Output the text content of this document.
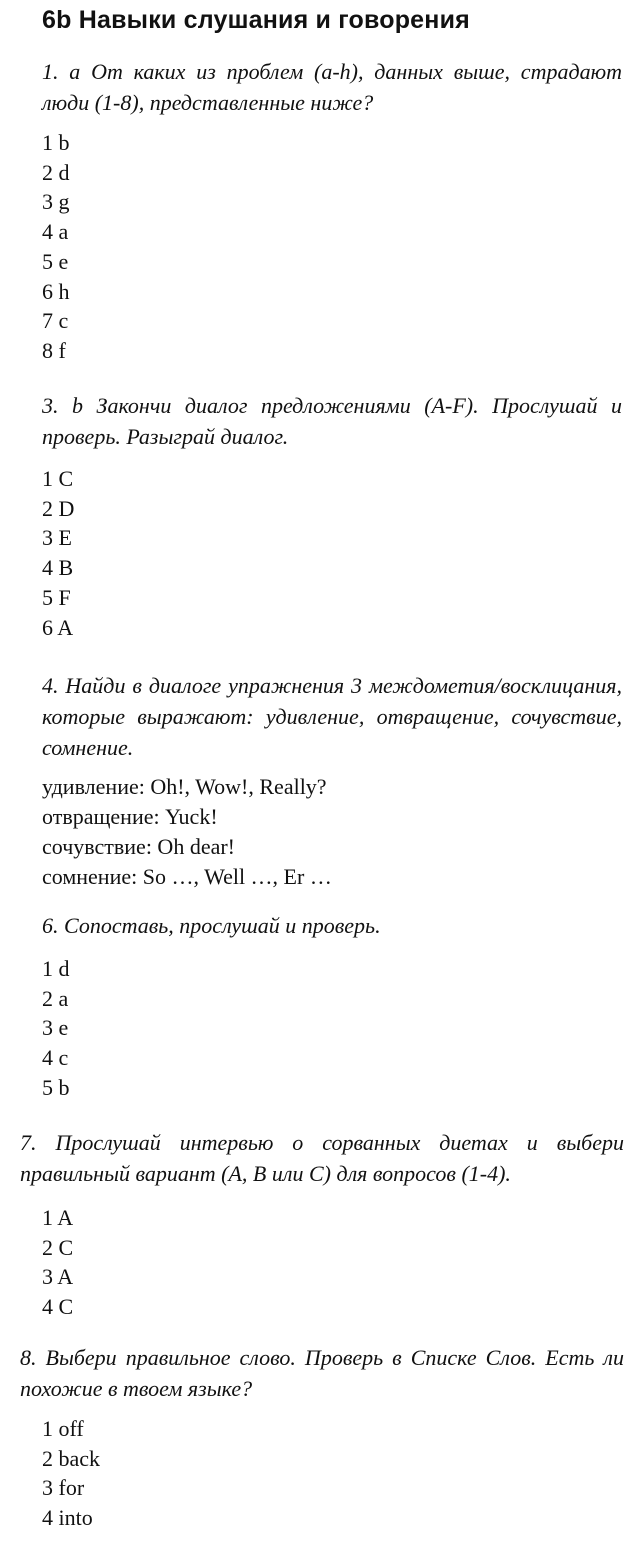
6b Навыки слушания и говорения
1. a От каких из проблем (a-h), данных выше, страдают люди (1-8), представленные ниже?
1 b
2 d
3 g
4 a
5 e
6 h
7 c
8 f
3. b Закончи диалог предложениями (A-F). Прослушай и проверь. Разыграй диалог.
1 C
2 D
3 E
4 B
5 F
6 A
4. Найди в диалоге упражнения 3 междометия/восклицания, которые выражают: удивление, отвращение, сочувствие, сомнение.
удивление: Oh!, Wow!, Really?
отвращение: Yuck!
сочувствие: Oh dear!
сомнение: So …, Well …, Er …
6. Сопоставь, прослушай и проверь.
1 d
2 a
3 e
4 c
5 b
7. Прослушай интервью о сорванных диетах и выбери правильный вариант (A, B или C) для вопросов (1-4).
1 A
2 C
3 A
4 C
8. Выбери правильное слово. Проверь в Списке Слов. Есть ли похожие в твоем языке?
1 off
2 back
3 for
4 into
